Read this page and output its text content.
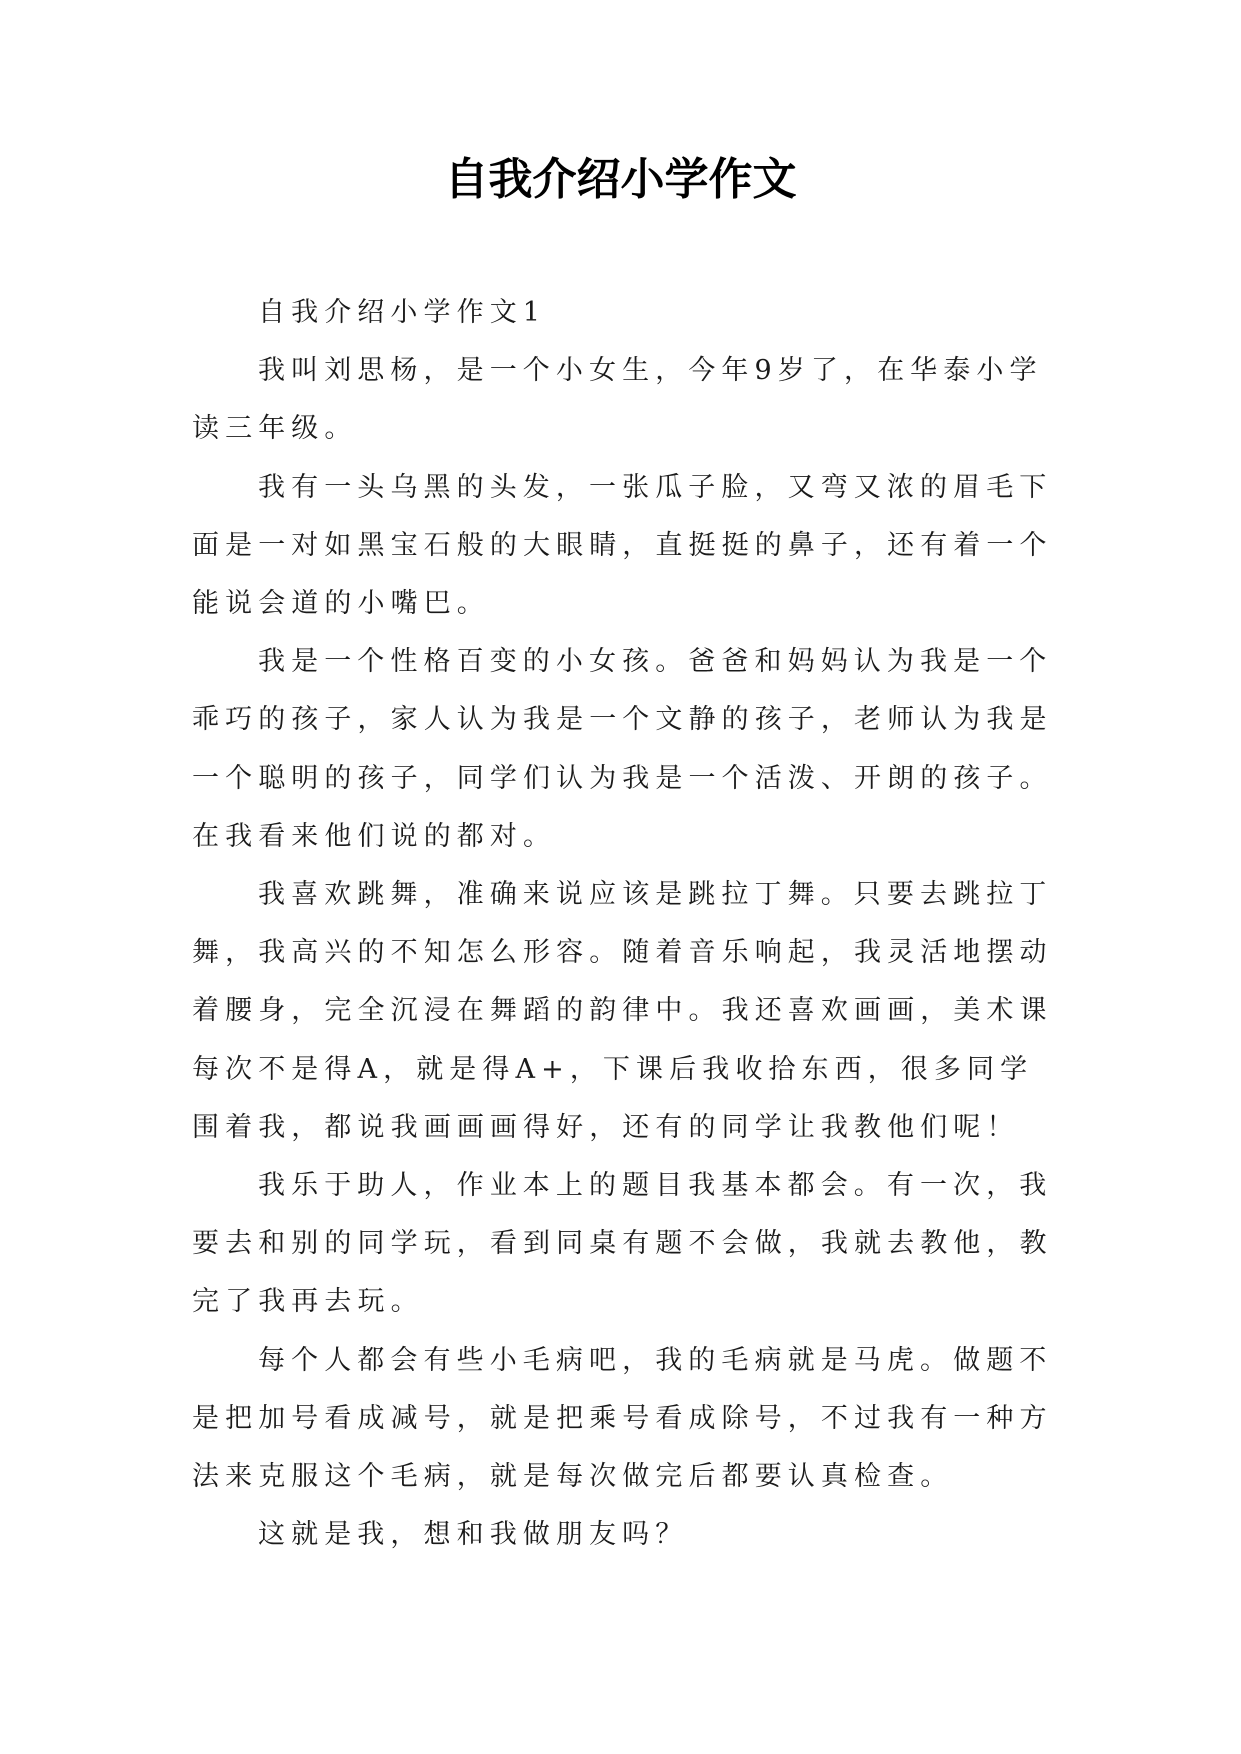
自我介绍小学作文

自我介绍小学作文1

我叫刘思杨，是一个小女生，今年9岁了，在华泰小学读三年级。

我有一头乌黑的头发，一张瓜子脸，又弯又浓的眉毛下面是一对如黑宝石般的大眼睛，直挺挺的鼻子，还有着一个能说会道的小嘴巴。

我是一个性格百变的小女孩。爸爸和妈妈认为我是一个乖巧的孩子，家人认为我是一个文静的孩子，老师认为我是一个聪明的孩子，同学们认为我是一个活泼、开朗的孩子。在我看来他们说的都对。

我喜欢跳舞，准确来说应该是跳拉丁舞。只要去跳拉丁舞，我高兴的不知怎么形容。随着音乐响起，我灵活地摆动着腰身，完全沉浸在舞蹈的韵律中。我还喜欢画画，美术课每次不是得A，就是得A+，下课后我收拾东西，很多同学围着我，都说我画画画得好，还有的同学让我教他们呢！

我乐于助人，作业本上的题目我基本都会。有一次，我要去和别的同学玩，看到同桌有题不会做，我就去教他，教完了我再去玩。

每个人都会有些小毛病吧，我的毛病就是马虎。做题不是把加号看成减号，就是把乘号看成除号，不过我有一种方法来克服这个毛病，就是每次做完后都要认真检查。

这就是我，想和我做朋友吗？
